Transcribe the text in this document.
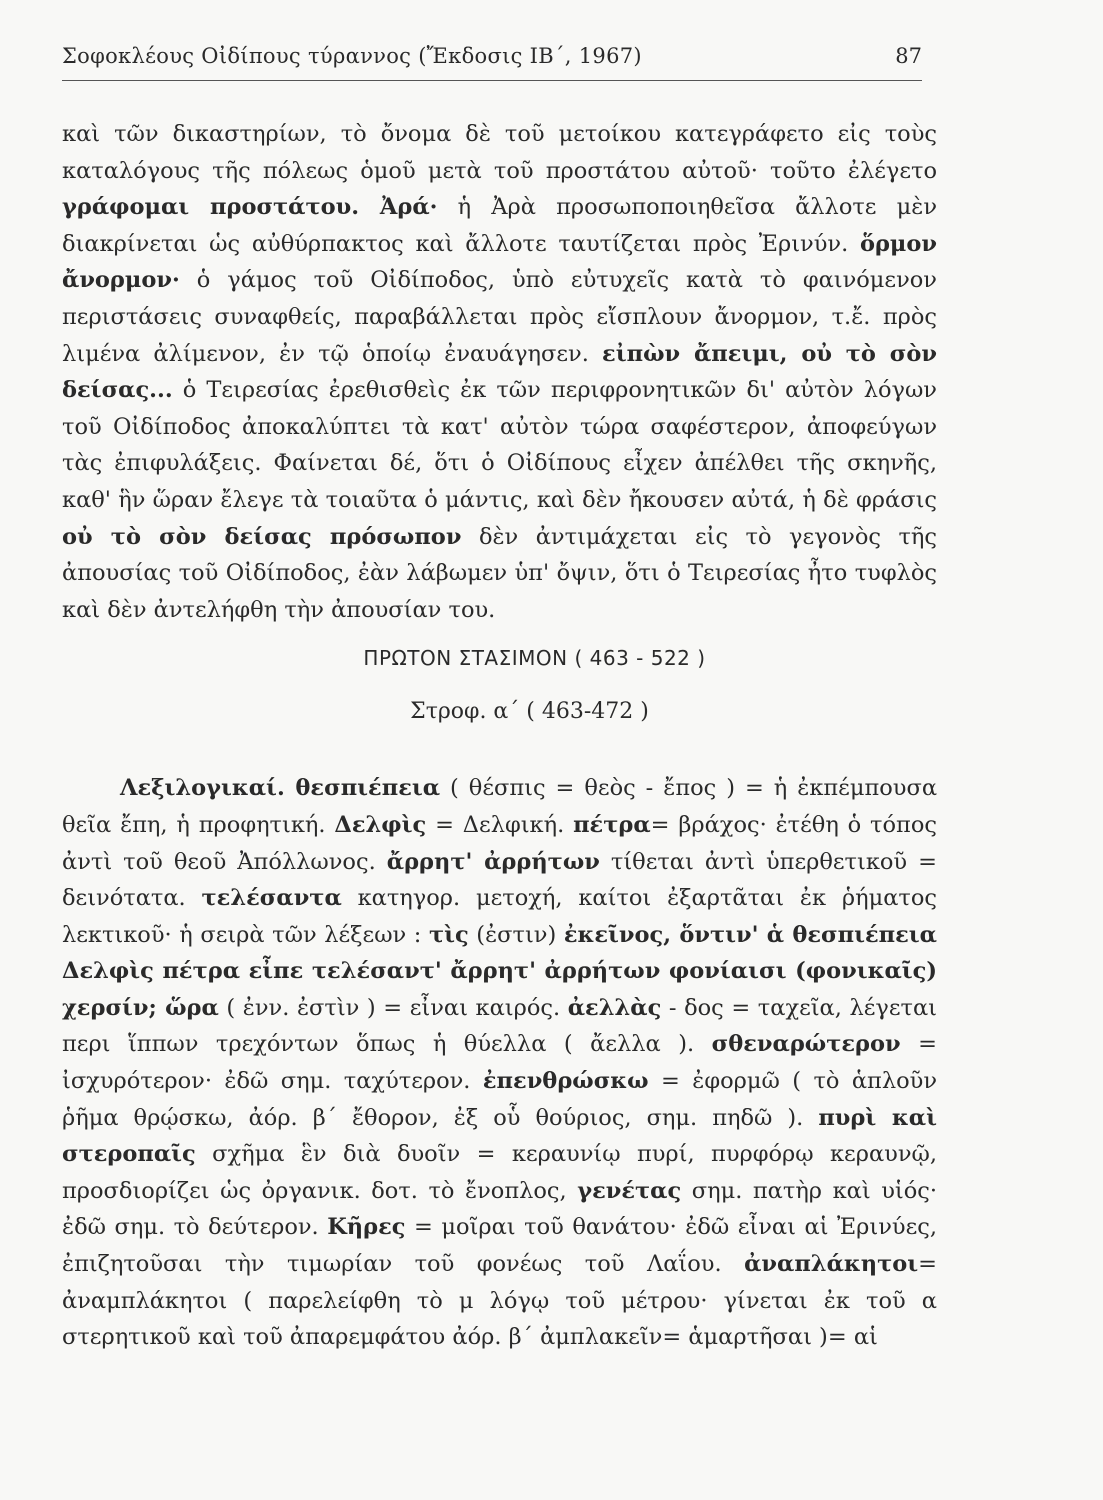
Σοφοκλέους Οἰδίπους τύραννος (Ἔκδοσις ΙΒ΄, 1967)	87

καὶ τῶν δικαστηρίων, τὸ ὄνομα δὲ τοῦ μετοίκου κατεγράφετο εἰς τοὺς καταλόγους τῆς πόλεως ὁμοῦ μετὰ τοῦ προστάτου αὐτοῦ· τοῦτο ἐλέγετο γράφομαι προστάτου. Ἀρά· ἡ Ἀρὰ προσωποποιηθεῖσα ἄλλοτε μὲν διακρίνεται ὡς αὐθύρπακτος καὶ ἄλλοτε ταυτίζεται πρὸς Ἐρινύν. ὅρμον ἄνορμον· ὁ γάμος τοῦ Οἰδίποδος, ὑπὸ εὐτυχεῖς κατὰ τὸ φαινόμενον περιστάσεις συναφθείς, παραβάλλεται πρὸς εἴσπλουν ἄνορμον, τ.ἔ. πρὸς λιμένα ἀλίμενον, ἐν τῷ ὁποίῳ ἐναυάγησεν. εἰπὼν ἄπειμι, οὐ τὸ σὸν δείσας... ὁ Τειρεσίας ἐρεθισθεὶς ἐκ τῶν περιφρονητικῶν δι' αὐτὸν λόγων τοῦ Οἰδίποδος ἀποκαλύπτει τὰ κατ' αὐτὸν τώρα σαφέστερον, ἀποφεύγων τὰς ἐπιφυλάξεις. Φαίνεται δέ, ὅτι ὁ Οἰδίπους εἶχεν ἀπέλθει τῆς σκηνῆς, καθ' ἣν ὥραν ἔλεγε τὰ τοιαῦτα ὁ μάντις, καὶ δὲν ἤκουσεν αὐτά, ἡ δὲ φράσις οὐ τὸ σὸν δείσας πρόσωπον δὲν ἀντιμάχεται εἰς τὸ γεγονὸς τῆς ἀπουσίας τοῦ Οἰδίποδος, ἐὰν λάβωμεν ὑπ' ὄψιν, ὅτι ὁ Τειρεσίας ἦτο τυφλὸς καὶ δὲν ἀντελήφθη τὴν ἀπουσίαν του.

ΠΡΩΤΟΝ ΣΤΑΣΙΜΟΝ ( 463 - 522 )
Στροφ. α΄ ( 463-472 )

Λεξιλογικαί. θεσπιέπεια ( θέσπις = θεὸς - ἔπος ) = ἡ ἐκπέμπουσα θεῖα ἔπη, ἡ προφητική. Δελφὶς = Δελφική. πέτρα= βράχος· ἐτέθη ὁ τόπος ἀντὶ τοῦ θεοῦ Ἀπόλλωνος. ἄρρητ' ἀρρήτων τίθεται ἀντὶ ὑπερθετικοῦ = δεινότατα. τελέσαντα κατηγορ. μετοχή, καίτοι ἐξαρτᾶται ἐκ ῥήματος λεκτικοῦ· ἡ σειρὰ τῶν λέξεων : τὶς (ἐστιν) ἐκεῖνος, ὅντιν' ἁ θεσπιέπεια Δελφὶς πέτρα εἶπε τελέσαντ' ἄρρητ' ἀρρήτων φονίαισι (φονικαῖς) χερσίν; ὥρα ( ἐνν. ἐστὶν ) = εἶναι καιρός. ἀελλὰς - δος = ταχεῖα, λέγεται περι ἵππων τρεχόντων ὅπως ἡ θύελλα ( ἄελλα ). σθεναρώτερον = ἰσχυρότερον· ἐδῶ σημ. ταχύτερον. ἐπενθρώσκω = ἐφορμῶ ( τὸ ἁπλοῦν ῥῆμα θρῴσκω, ἀόρ. β΄ ἔθορον, ἐξ οὗ θούριος, σημ. πηδῶ ). πυρὶ καὶ στεροπαῖς σχῆμα ἓν διὰ δυοῖν = κεραυνίῳ πυρί, πυρφόρῳ κεραυνῷ, προσδιορίζει ὡς ὀργανικ. δοτ. τὸ ἔνοπλος, γενέτας σημ. πατὴρ καὶ υἱός· ἐδῶ σημ. τὸ δεύτερον. Κῆρες = μοῖραι τοῦ θανάτου· ἐδῶ εἶναι αἱ Ἐρινύες, ἐπιζητοῦσαι τὴν τιμωρίαν τοῦ φονέως τοῦ Λαΐου. ἀναπλάκητοι= ἀναμπλάκητοι ( παρελείφθη τὸ μ λόγῳ τοῦ μέτρου· γίνεται ἐκ τοῦ α στερητικοῦ καὶ τοῦ ἀπαρεμφάτου ἀόρ. β΄ ἀμπλακεῖν= ἁμαρτῆσαι )= αἱ
